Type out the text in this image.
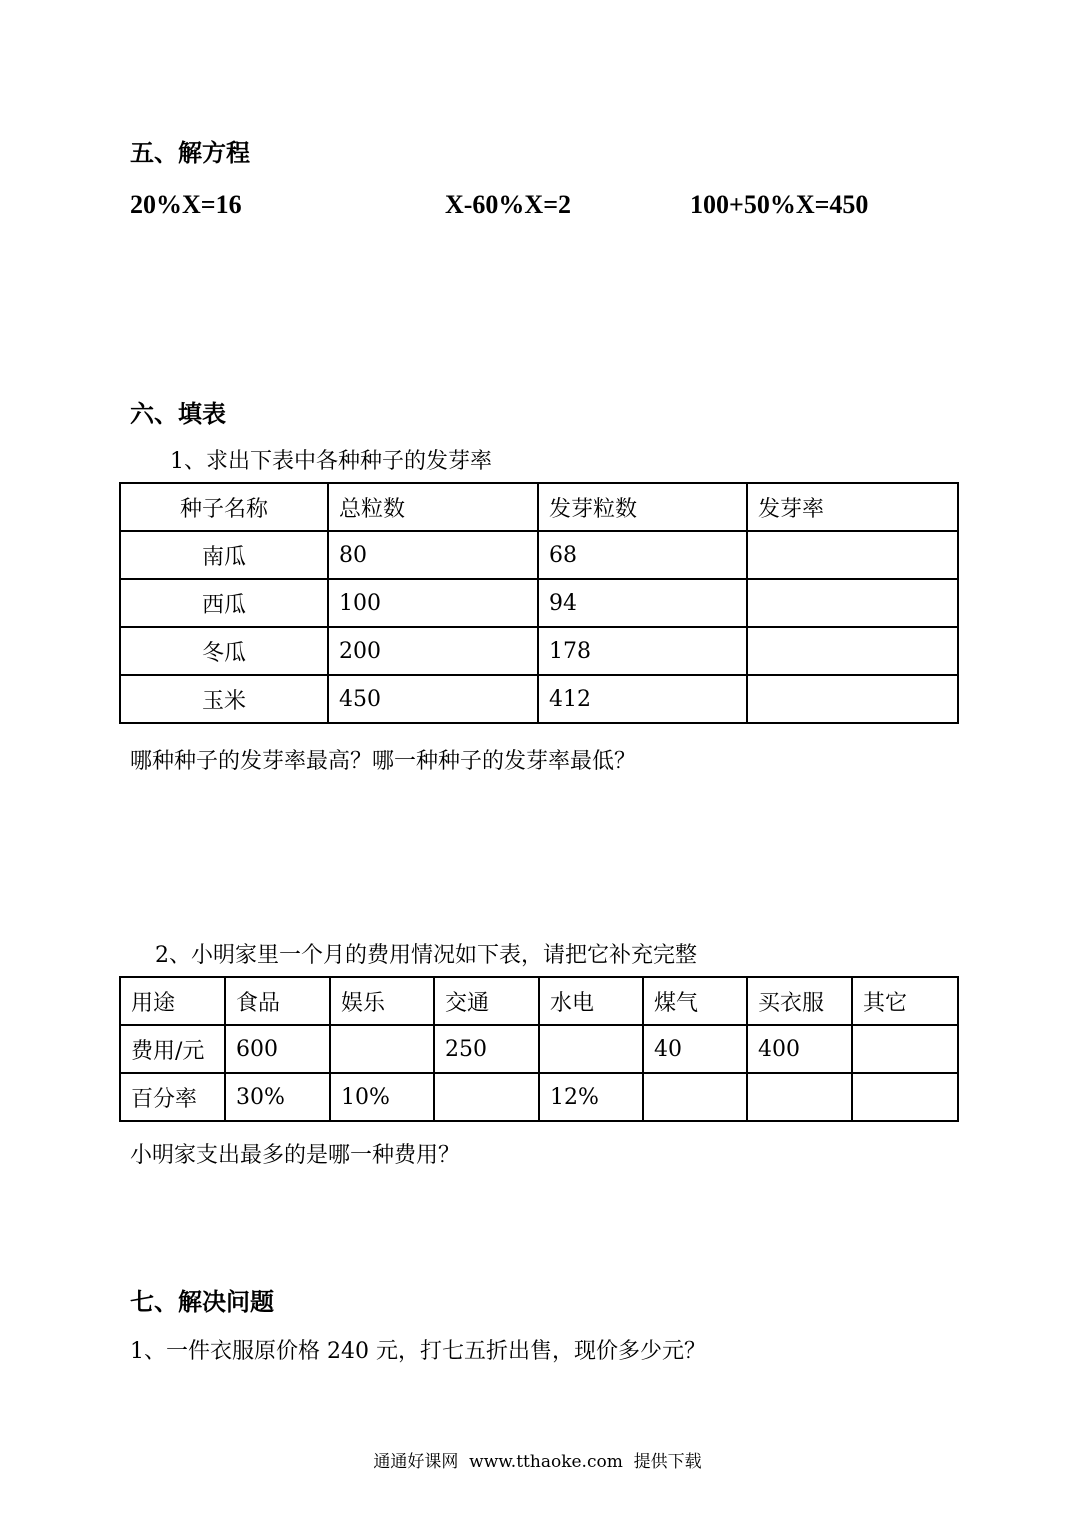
五、解方程
20%X=16	X-60%X=2	100+50%X=450
六、填表
1、求出下表中各种种子的发芽率
种子名称	总粒数	发芽粒数	发芽率
南瓜	80	68	
西瓜	100	94	
冬瓜	200	178	
玉米	450	412	
哪种种子的发芽率最高？哪一种种子的发芽率最低？
2、小明家里一个月的费用情况如下表，请把它补充完整
用途	食品	娱乐	交通	水电	煤气	买衣服	其它
费用/元	600		250		40	400	
百分率	30%	10%		12%			
小明家支出最多的是哪一种费用？
七、解决问题
1、一件衣服原价格 240 元，打七五折出售，现价多少元？
通通好课网  www.tthaoke.com  提供下载
